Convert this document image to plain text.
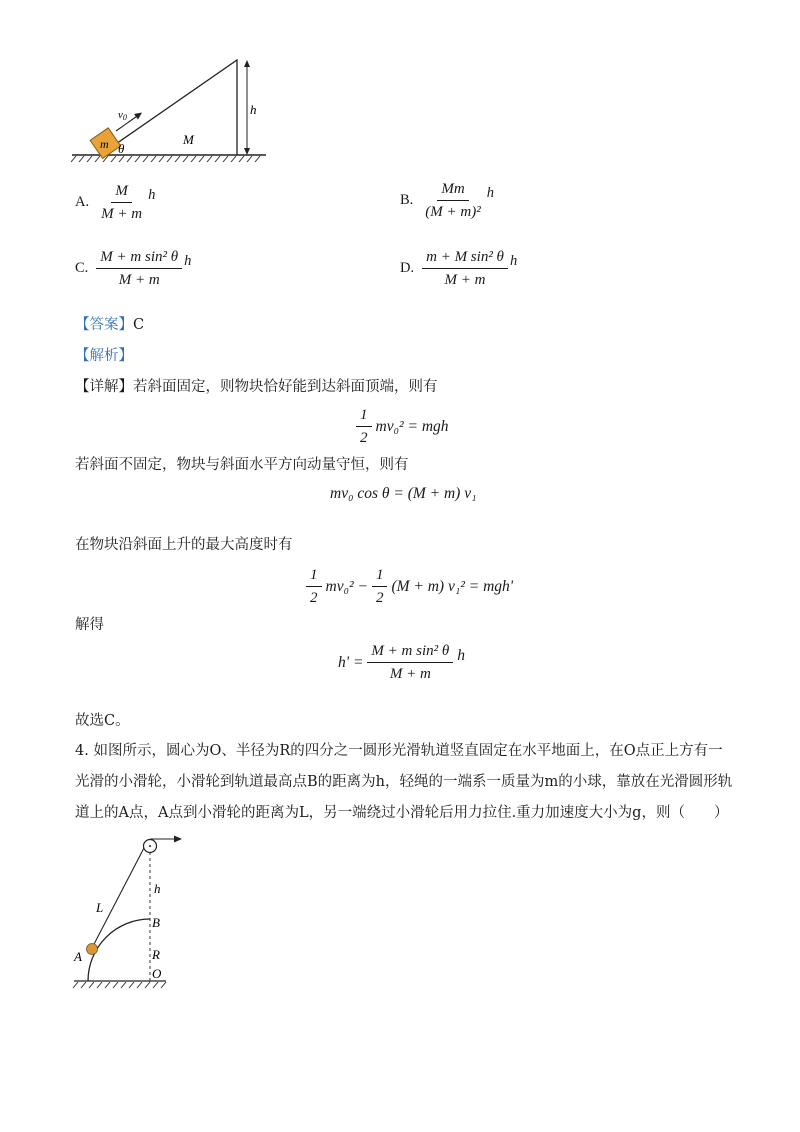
h
m
v0
θ
M
A. $\frac{M}{M + m}$ h	B. $\frac{Mm}{\text{(M + m)²}}$ h
C. $\frac{\text{M + m sin² θ}}{M + m}$ h	D. $\frac{\text{m + M sin² θ}}{M + m}$ h
【答案】C
【解析】
【详解】若斜面固定，则物块恰好能到达斜面顶端，则有
$\frac{1}{2} mv_0^2$ = mgh
若斜面不固定，物块与斜面水平方向动量守恒，则有
mv₀ cos θ = (M + m) v₁
在物块沿斜面上升的最大高度时有
$\frac{1}{2} mv_0^2 - \frac{1}{2} (M + m) v_1^2 = mgh'$
解得
$h' = \frac{\text{M + m sin² θ}}{M + m}$ h
故选C。
4. 如图所示，圆心为O、半径为R的四分之一圆形光滑轨道竖直固定在水平地面上，在O点正上方有一光滑的小滑轮，小滑轮到轨道最高点B的距离为h，轻绳的一端系一质量为m的小球，靠放在光滑圆形轨道上的A点，A点到小滑轮的距离为L，另一端绕过小滑轮后用力拉住.重力加速度大小为g，则（　　）
L
h
B
A	R
O
